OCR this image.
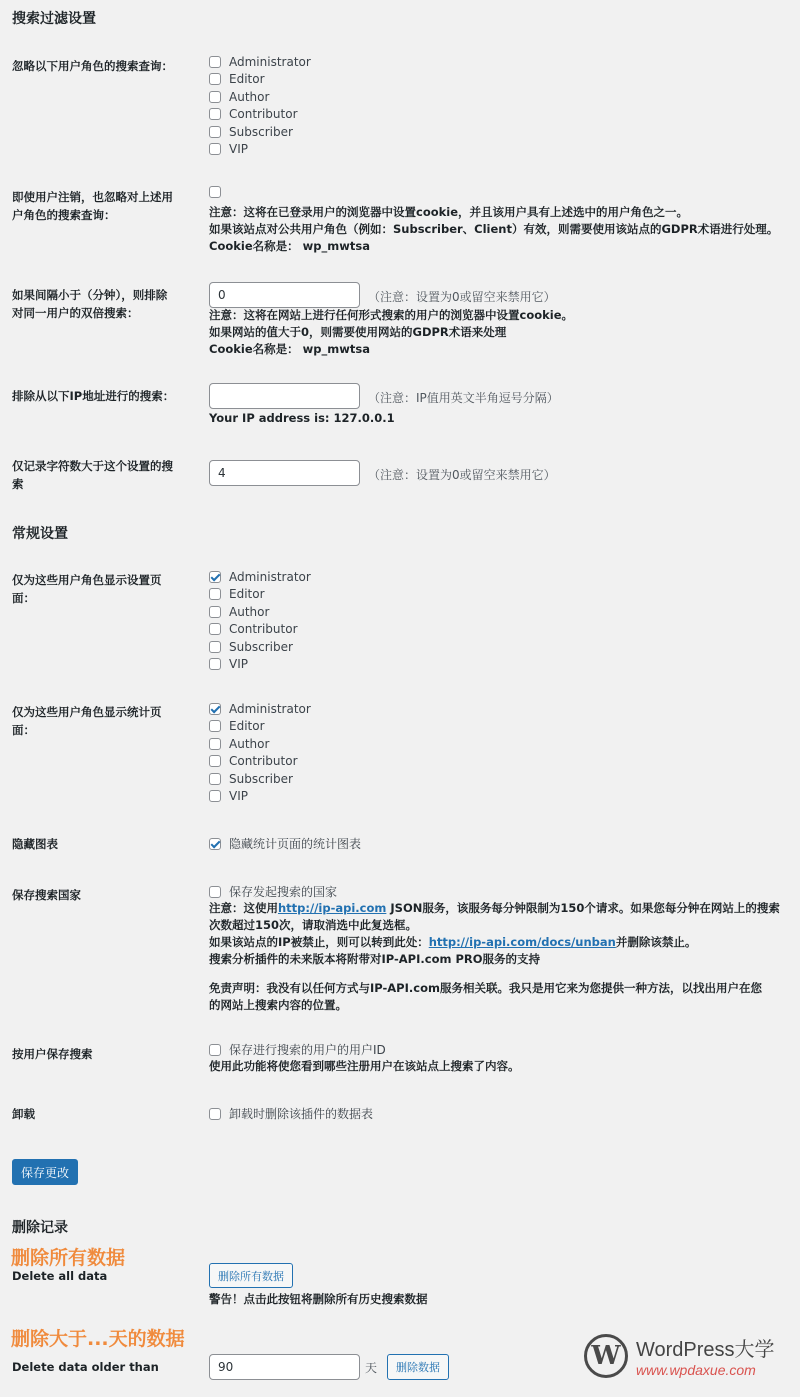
搜索过滤设置
忽略以下用户角色的搜索查询：	Administrator
Editor
Author
Contributor
Subscriber
VIP
即使用户注销，也忽略对上述用
户角色的搜索查询：	注意：这将在已登录用户的浏览器中设置cookie，并且该用户具有上述选中的用户角色之一。
如果该站点对公共用户角色（例如：Subscriber、Client）有效，则需要使用该站点的GDPR术语进行处理。
Cookie名称是： wp_mwtsa
如果间隔小于（分钟），则排除
对同一用户的双倍搜索：
0	（注意：设置为0或留空来禁用它）
注意：这将在网站上进行任何形式搜索的用户的浏览器中设置cookie。
如果网站的值大于0，则需要使用网站的GDPR术语来处理
Cookie名称是： wp_mwtsa
排除从以下IP地址进行的搜索：	（注意：IP值用英文半角逗号分隔）
Your IP address is: 127.0.0.1
仅记录字符数大于这个设置的搜
索
4	（注意：设置为0或留空来禁用它）
常规设置
仅为这些用户角色显示设置页
面：
Administrator
Editor
Author
Contributor
Subscriber
VIP
仅为这些用户角色显示统计页
面：
Administrator
Editor
Author
Contributor
Subscriber
VIP
隐藏图表	隐藏统计页面的统计图表
保存搜索国家	保存发起搜索的国家
注意：这使用http://ip-api.com JSON服务，该服务每分钟限制为150个请求。如果您每分钟在网站上的搜索
次数超过150次，请取消选中此复选框。
如果该站点的IP被禁止，则可以转到此处：http://ip-api.com/docs/unban并删除该禁止。
搜索分析插件的未来版本将附带对IP-API.com PRO服务的支持
免责声明：我没有以任何方式与IP-API.com服务相关联。我只是用它来为您提供一种方法，以找出用户在您
的网站上搜索内容的位置。
按用户保存搜索	保存进行搜索的用户的用户ID
使用此功能将使您看到哪些注册用户在该站点上搜索了内容。
卸载	卸载时删除该插件的数据表
保存更改
删除记录
删除所有数据
Delete all data	删除所有数据
警告！点击此按钮将删除所有历史搜索数据
删除大于...天的数据
Delete data older than	90	天	删除数据	W WordPress大学
www.wpdaxue.com
